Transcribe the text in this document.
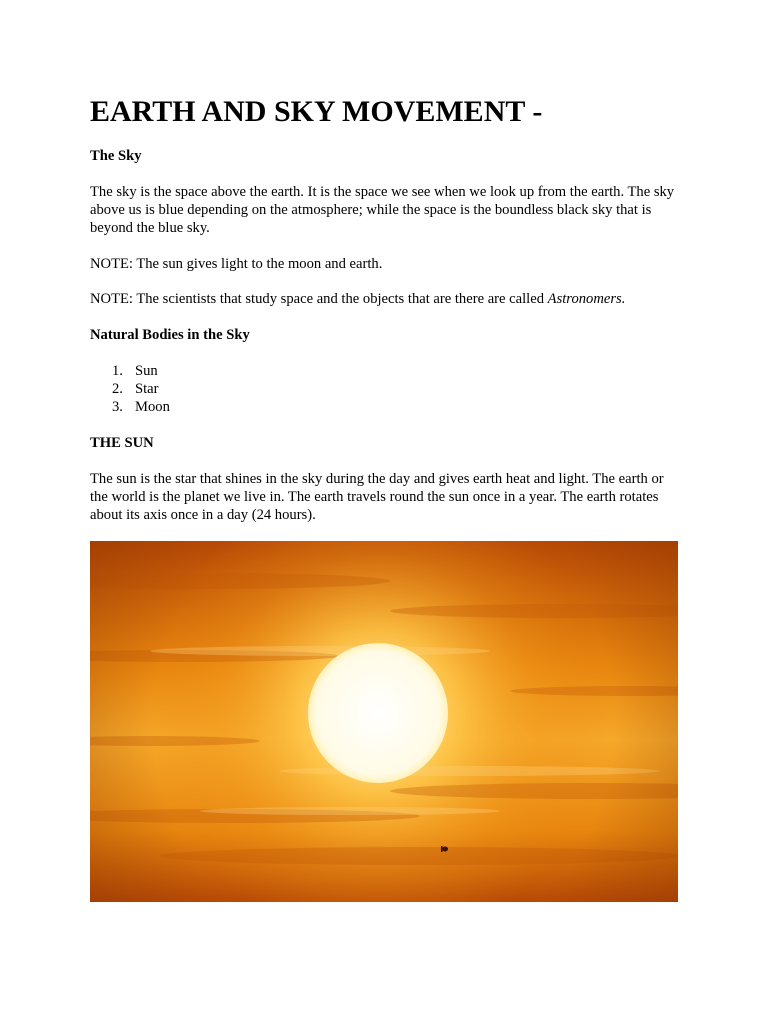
EARTH AND SKY MOVEMENT -

The Sky

The sky is the space above the earth. It is the space we see when we look up from the earth. The sky above us is blue depending on the atmosphere; while the space is the boundless black sky that is beyond the blue sky.

NOTE: The sun gives light to the moon and earth.

NOTE: The scientists that study space and the objects that are there are called Astronomers.

Natural Bodies in the Sky

1. Sun
2. Star
3. Moon

THE SUN

The sun is the star that shines in the sky during the day and gives earth heat and light. The earth or the world is the planet we live in. The earth travels round the sun once in a year. The earth rotates about its axis once in a day (24 hours).
